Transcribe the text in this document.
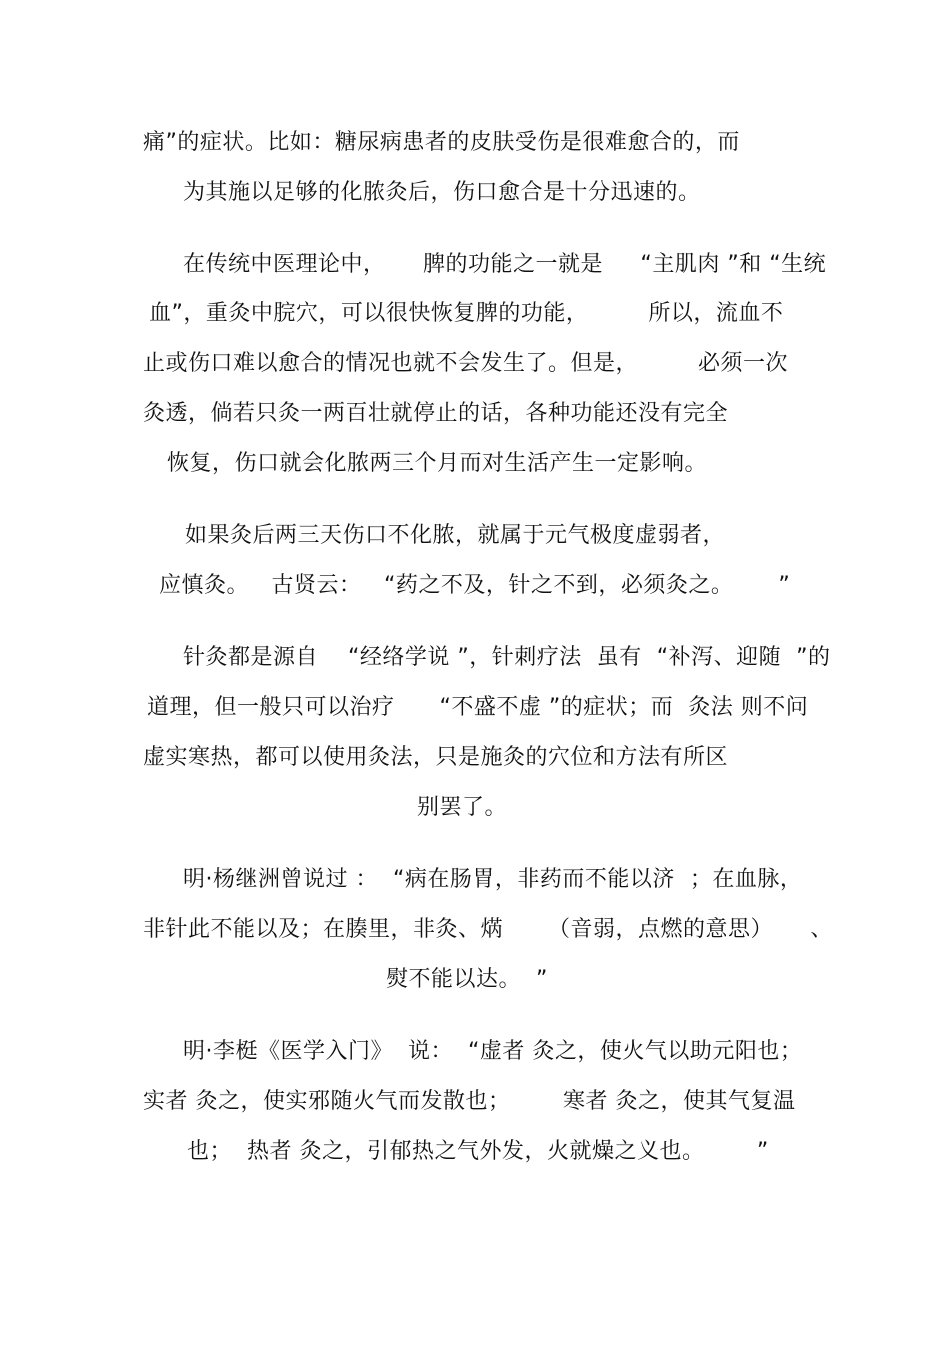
痛”的症状。比如：糖尿病患者的皮肤受伤是很难愈合的，而
为其施以足够的化脓灸后，伤口愈合是十分迅速的。
在传统中医理论中，     脾的功能之一就是     “主肌肉 ”和 “生统
血”，重灸中脘穴，可以很快恢复脾的功能，        所以，流血不
止或伤口难以愈合的情况也就不会发生了。但是，        必须一次
灸透，倘若只灸一两百壮就停止的话，各种功能还没有完全
恢复，伤口就会化脓两三个月而对生活产生一定影响。
如果灸后两三天伤口不化脓，就属于元气极度虚弱者，
应慎灸。   古贤云：   “药之不及，针之不到，必须灸之。      ”
针灸都是源自    “经络学说 ”，针刺疗法  虽有  “补泻、迎随  ”的
道理，但一般只可以治疗      “不盛不虚 ”的症状；而  灸法 则不问
虚实寒热，都可以使用灸法，只是施灸的穴位和方法有所区
别罢了。
明·杨继洲曾说过 ：  “病在肠胃，非药而不能以济  ；在血脉，
非针此不能以及；在腠里，非灸、焫      （音弱，点燃的意思）     、
熨不能以达。  ”
明·李梃《医学入门》  说：  “虚者 灸之，使火气以助元阳也；
实者 灸之，使实邪随火气而发散也；       寒者 灸之，使其气复温
也；  热者 灸之，引郁热之气外发，火就燥之义也。       ”
